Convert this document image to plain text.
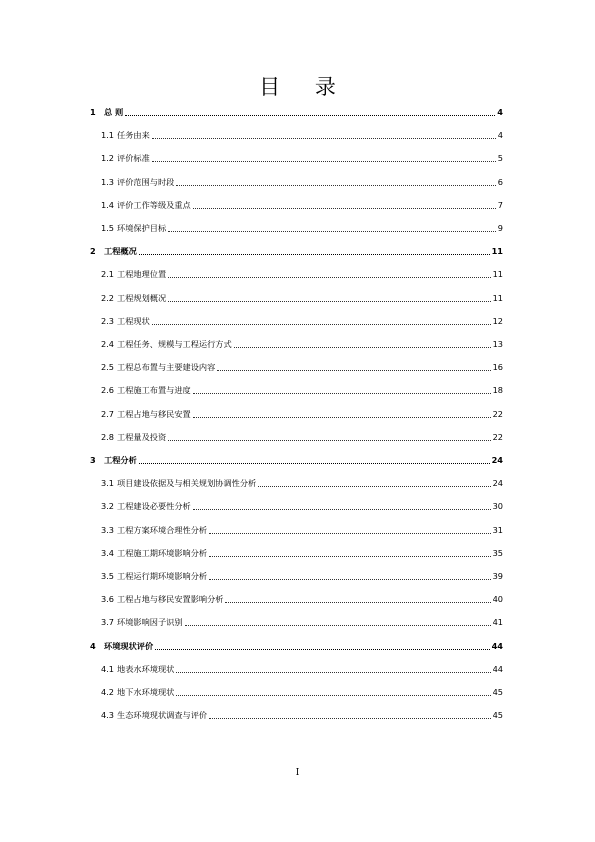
目 录
1	总 则	4
1.1 任务由来	4
1.2 评价标准	5
1.3 评价范围与时段	6
1.4 评价工作等级及重点	7
1.5 环境保护目标	9
2	工程概况	11
2.1 工程地理位置	11
2.2 工程规划概况	11
2.3 工程现状	12
2.4 工程任务、规模与工程运行方式	13
2.5 工程总布置与主要建设内容	16
2.6 工程施工布置与进度	18
2.7 工程占地与移民安置	22
2.8 工程量及投资	22
3	工程分析	24
3.1 项目建设依据及与相关规划协调性分析	24
3.2 工程建设必要性分析	30
3.3 工程方案环境合理性分析	31
3.4 工程施工期环境影响分析	35
3.5 工程运行期环境影响分析	39
3.6 工程占地与移民安置影响分析	40
3.7 环境影响因子识别	41
4	环境现状评价	44
4.1 地表水环境现状	44
4.2 地下水环境现状	45
4.3 生态环境现状调查与评价	45
I
